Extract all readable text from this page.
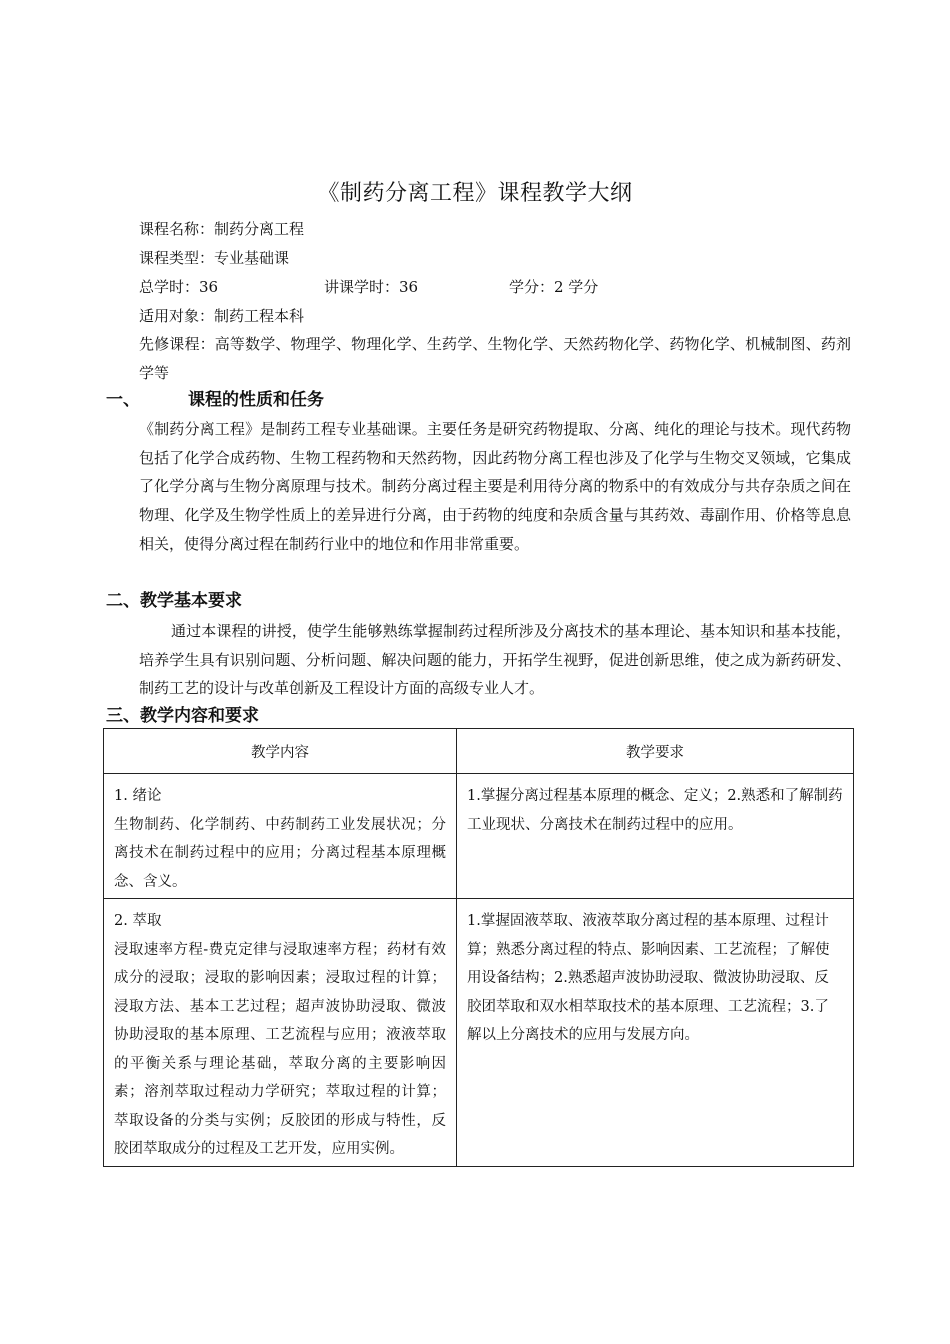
《制药分离工程》课程教学大纲
课程名称：制药分离工程
课程类型：专业基础课
总学时：36	讲课学时：36	学分：2 学分
适用对象：制药工程本科

先修课程：高等数学、物理学、物理化学、生药学、生物化学、天然药物化学、药物化学、机械制图、药剂学等

一、	课程的性质和任务

《制药分离工程》是制药工程专业基础课。主要任务是研究药物提取、分离、纯化的理论与技术。现代药物包括了化学合成药物、生物工程药物和天然药物，因此药物分离工程也涉及了化学与生物交叉领域，它集成了化学分离与生物分离原理与技术。制药分离过程主要是利用待分离的物系中的有效成分与共存杂质之间在物理、化学及生物学性质上的差异进行分离，由于药物的纯度和杂质含量与其药效、毒副作用、价格等息息相关，使得分离过程在制药行业中的地位和作用非常重要。

二、教学基本要求

通过本课程的讲授，使学生能够熟练掌握制药过程所涉及分离技术的基本理论、基本知识和基本技能，培养学生具有识别问题、分析问题、解决问题的能力，开拓学生视野，促进创新思维，使之成为新药研发、制药工艺的设计与改革创新及工程设计方面的高级专业人才。

三、教学内容和要求
教学内容	教学要求

1. 绪论
生物制药、化学制药、中药制药工业发展状况；分离技术在制药过程中的应用；分离过程基本原理概念、含义。	1.掌握分离过程基本原理的概念、定义；2.熟悉和了解制药工业现状、分离技术在制药过程中的应用。

2. 萃取
浸取速率方程-费克定律与浸取速率方程；药材有效成分的浸取；浸取的影响因素；浸取过程的计算；浸取方法、基本工艺过程；超声波协助浸取、微波协助浸取的基本原理、工艺流程与应用；液液萃取的平衡关系与理论基础，萃取分离的主要影响因素；溶剂萃取过程动力学研究；萃取过程的计算；萃取设备的分类与实例；反胶团的形成与特性，反胶团萃取成分的过程及工艺开发，应用实例。	1.掌握固液萃取、液液萃取分离过程的基本原理、过程计算；熟悉分离过程的特点、影响因素、工艺流程；了解使用设备结构；2.熟悉超声波协助浸取、微波协助浸取、反胶团萃取和双水相萃取技术的基本原理、工艺流程；3.了解以上分离技术的应用与发展方向。
